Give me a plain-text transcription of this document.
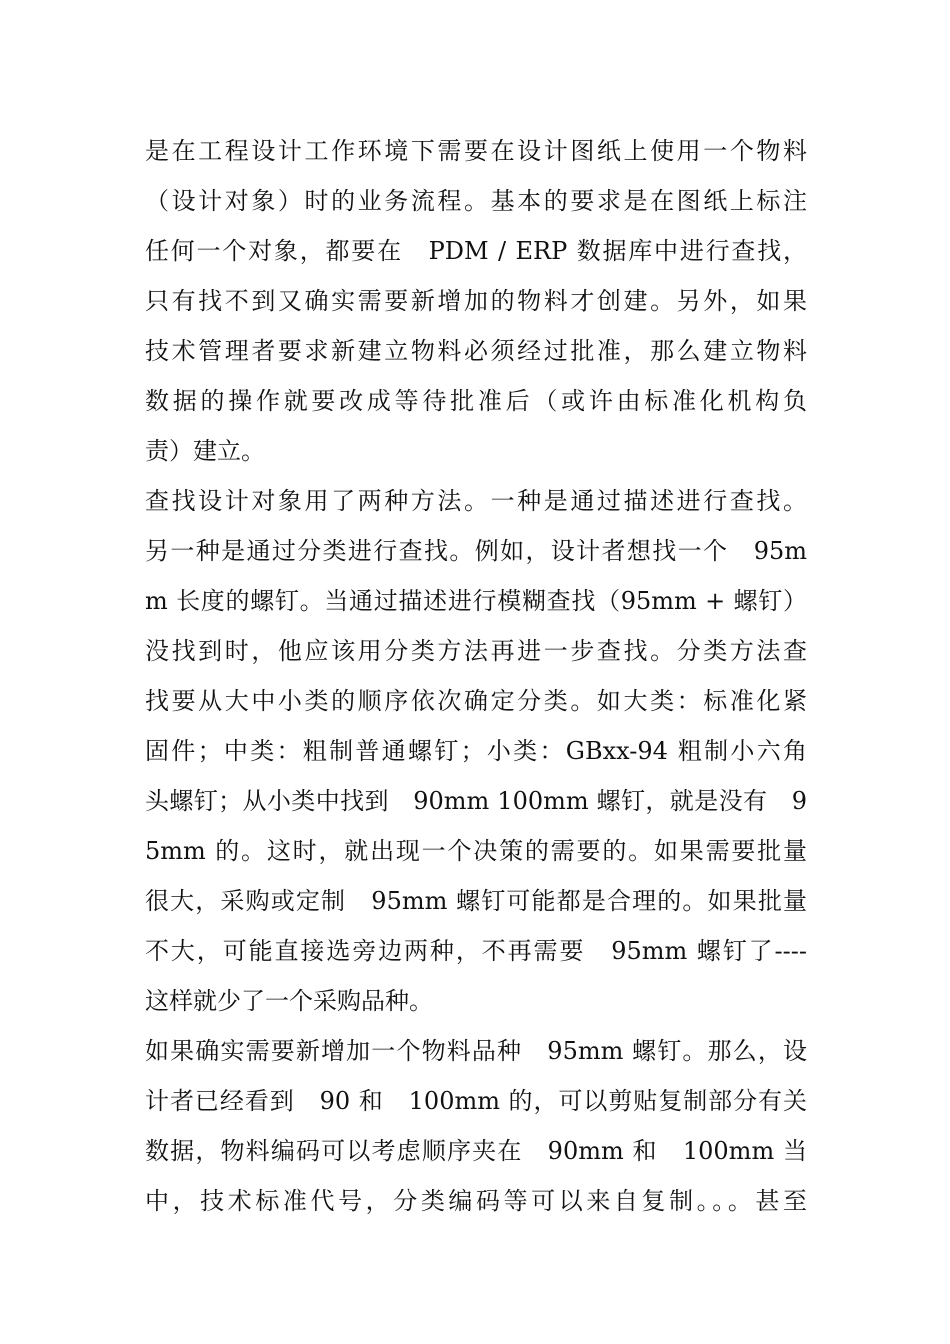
是在工程设计工作环境下需要在设计图纸上使用一个物料
（设计对象）时的业务流程。基本的要求是在图纸上标注
任何一个对象，都要在　PDM / ERP 数据库中进行查找，
只有找不到又确实需要新增加的物料才创建。另外，如果
技术管理者要求新建立物料必须经过批准，那么建立物料
数据的操作就要改成等待批准后（或许由标准化机构负
责）建立。
查找设计对象用了两种方法。一种是通过描述进行查找。
另一种是通过分类进行查找。例如，设计者想找一个　95m
m 长度的螺钉。当通过描述进行模糊查找（95mm + 螺钉）
没找到时，他应该用分类方法再进一步查找。分类方法查
找要从大中小类的顺序依次确定分类。如大类：标准化紧
固件；中类：粗制普通螺钉；小类：GBxx-94 粗制小六角
头螺钉；从小类中找到　90mm 100mm 螺钉，就是没有　9
5mm 的。这时，就出现一个决策的需要的。如果需要批量
很大，采购或定制　95mm 螺钉可能都是合理的。如果批量
不大，可能直接选旁边两种，不再需要　95mm 螺钉了----
这样就少了一个采购品种。
如果确实需要新增加一个物料品种　95mm 螺钉。那么，设
计者已经看到　90 和　100mm 的，可以剪贴复制部分有关
数据，物料编码可以考虑顺序夹在　90mm 和　100mm 当
中，技术标准代号，分类编码等可以来自复制。。。甚至
